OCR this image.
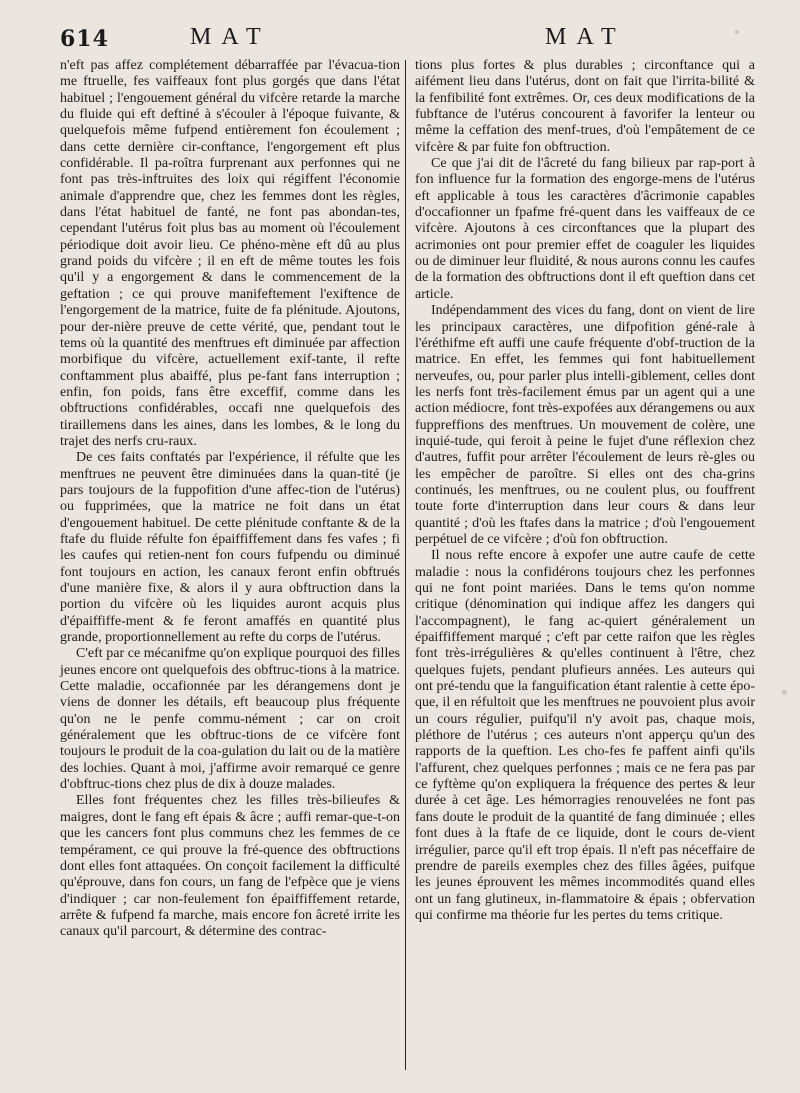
614	MAT	MAT

n'eft pas affez complétement débarraffée par l'évacua-tion me ftruelle, fes vaiffeaux font plus gorgés que dans l'état habituel ; l'engouement général du vifcère retarde la marche du fluide qui eft deftiné à s'écouler à l'époque fuivante, & quelquefois même fufpend entièrement fon écoulement ; dans cette dernière cir-conftance, l'engorgement eft plus confidérable. Il pa-roîtra furprenant aux perfonnes qui ne font pas très-inftruites des loix qui régiffent l'économie animale d'apprendre que, chez les femmes dont les règles, dans l'état habituel de fanté, ne font pas abondan-tes, cependant l'utérus foit plus bas au moment où l'écoulement périodique doit avoir lieu. Ce phéno-mène eft dû au plus grand poids du vifcère ; il en eft de même toutes les fois qu'il y a engorgement & dans le commencement de la geftation ; ce qui prouve manifeftement l'exiftence de l'engorgement de la matrice, fuite de fa plénitude. Ajoutons, pour der-nière preuve de cette vérité, que, pendant tout le tems où la quantité des menftrues eft diminuée par affection morbifique du vifcère, actuellement exif-tante, il refte conftamment plus abaiffé, plus pe-fant fans interruption ; enfin, fon poids, fans être exceffif, comme dans les obftructions confidérables, occafi nne quelquefois des tiraillemens dans les aines, dans les lombes, & le long du trajet des nerfs cru-raux.

De ces faits conftatés par l'expérience, il réfulte que les menftrues ne peuvent être diminuées dans la quan-tité (je pars toujours de la fuppofition d'une affec-tion de l'utérus) ou fupprimées, que la matrice ne foit dans un état d'engouement habituel. De cette plénitude conftante & de la ftafe du fluide réfulte fon épaiffiffement dans fes vafes ; fi les caufes qui retien-nent fon cours fufpendu ou diminué font toujours en action, les canaux feront enfin obftrués d'une manière fixe, & alors il y aura obftruction dans la portion du vifcère où les liquides auront acquis plus d'épaiffiffe-ment & fe feront amaffés en quantité plus grande, proportionnellement au refte du corps de l'utérus.

C'eft par ce mécanifme qu'on explique pourquoi des filles jeunes encore ont quelquefois des obftruc-tions à la matrice. Cette maladie, occafionnée par les dérangemens dont je viens de donner les détails, eft beaucoup plus fréquente qu'on ne le penfe commu-nément ; car on croit généralement que les obftruc-tions de ce vifcère font toujours le produit de la coa-gulation du lait ou de la matière des lochies. Quant à moi, j'affirme avoir remarqué ce genre d'obftruc-tions chez plus de dix à douze malades.

Elles font fréquentes chez les filles très-bilieufes & maigres, dont le fang eft épais & âcre ; auffi remar-que-t-on que les cancers font plus communs chez les femmes de ce tempérament, ce qui prouve la fré-quence des obftructions dont elles font attaquées. On conçoit facilement la difficulté qu'éprouve, dans fon cours, un fang de l'efpèce que je viens d'indiquer ; car non-feulement fon épaiffiffement retarde, arrête & fufpend fa marche, mais encore fon âcreté irrite les canaux qu'il parcourt, & détermine des contrac-

tions plus fortes & plus durables ; circonftance qui a aifément lieu dans l'utérus, dont on fait que l'irrita-bilité & la fenfibilité font extrêmes. Or, ces deux modifications de la fubftance de l'utérus concourent à favorifer la lenteur ou même la ceffation des menf-trues, d'où l'empâtement de ce vifcère & par fuite fon obftruction.

Ce que j'ai dit de l'âcreté du fang bilieux par rap-port à fon influence fur la formation des engorge-mens de l'utérus eft applicable à tous les caractères d'âcrimonie capables d'occafionner un fpafme fré-quent dans les vaiffeaux de ce vifcère. Ajoutons à ces circonftances que la plupart des acrimonies ont pour premier effet de coaguler les liquides ou de diminuer leur fluidité, & nous aurons connu les caufes de la formation des obftructions dont il eft queftion dans cet article.

Indépendamment des vices du fang, dont on vient de lire les principaux caractères, une difpofition géné-rale à l'éréthifme eft auffi une caufe fréquente d'obf-truction de la matrice. En effet, les femmes qui font habituellement nerveufes, ou, pour parler plus intelli-giblement, celles dont les nerfs font très-facilement émus par un agent qui a une action médiocre, font très-expofées aux dérangemens ou aux fuppreffions des menftrues. Un mouvement de colère, une inquié-tude, qui feroit à peine le fujet d'une réflexion chez d'autres, fuffit pour arrêter l'écoulement de leurs rè-gles ou les empêcher de paroître. Si elles ont des cha-grins continués, les menftrues, ou ne coulent plus, ou fouffrent toute forte d'interruption dans leur cours & dans leur quantité ; d'où les ftafes dans la matrice ; d'où l'engouement perpétuel de ce vifcère ; d'où fon obftruction.

Il nous refte encore à expofer une autre caufe de cette maladie : nous la confidérons toujours chez les perfonnes qui ne font point mariées. Dans le tems qu'on nomme critique (dénomination qui indique affez les dangers qui l'accompagnent), le fang ac-quiert généralement un épaiffiffement marqué ; c'eft par cette raifon que les règles font très-irrégulières & qu'elles continuent à l'être, chez quelques fujets, pendant plufieurs années. Les auteurs qui ont pré-tendu que la fanguification étant ralentie à cette épo-que, il en réfultoit que les menftrues ne pouvoient plus avoir un cours régulier, puifqu'il n'y avoit pas, chaque mois, pléthore de l'utérus ; ces auteurs n'ont apperçu qu'un des rapports de la queftion. Les cho-fes fe paffent ainfi qu'ils l'affurent, chez quelques perfonnes ; mais ce ne fera pas par ce fyftème qu'on expliquera la fréquence des pertes & leur durée à cet âge. Les hémorragies renouvelées ne font pas fans doute le produit de la quantité de fang diminuée ; elles font dues à la ftafe de ce liquide, dont le cours de-vient irrégulier, parce qu'il eft trop épais. Il n'eft pas néceffaire de prendre de pareils exemples chez des filles âgées, puifque les jeunes éprouvent les mêmes incommodités quand elles ont un fang glutineux, in-flammatoire & épais ; obfervation qui confirme ma théorie fur les pertes du tems critique.
